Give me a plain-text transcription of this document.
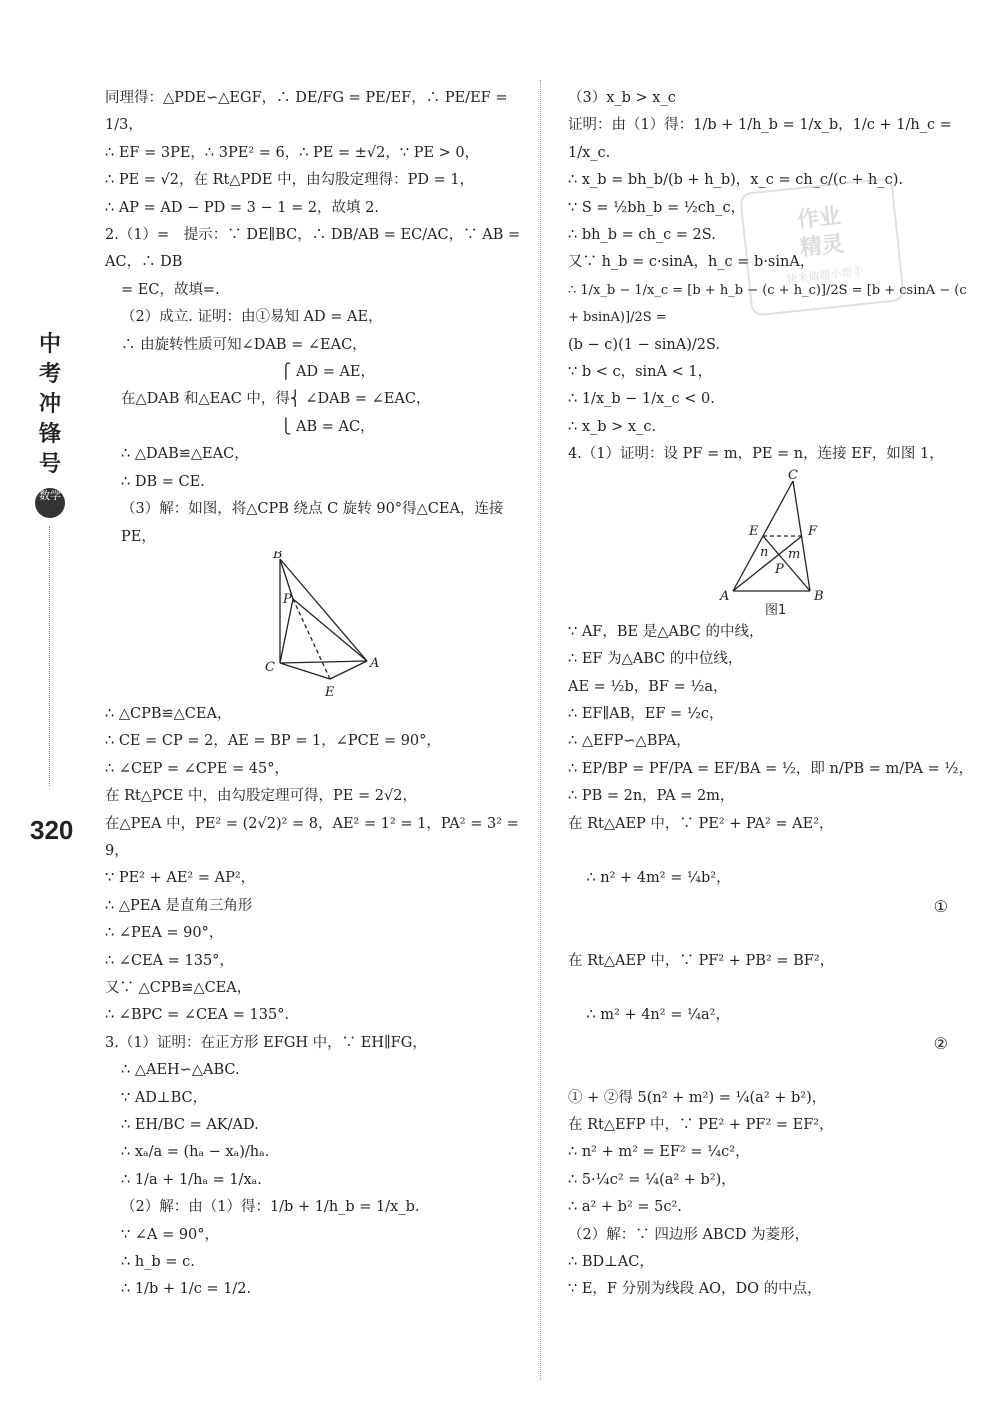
中
考
冲
锋
号
数学
320
同理得：△PDE∽△EGF，∴ DE/FG = PE/EF，∴ PE/EF = 1/3，
∴ EF = 3PE，∴ 3PE² = 6，∴ PE = ±√2，∵ PE > 0，
∴ PE = √2，在 Rt△PDE 中，由勾股定理得：PD = 1，
∴ AP = AD − PD = 3 − 1 = 2，故填 2.
2.（1）=　提示：∵ DE∥BC，∴ DB/AB = EC/AC，∵ AB = AC，∴ DB
= EC，故填=.
（2）成立. 证明：由①易知 AD = AE，
∴ 由旋转性质可知∠DAB = ∠EAC，
　　　　　　　　　　　⎧ AD = AE，
在△DAB 和△EAC 中，得⎨ ∠DAB = ∠EAC，
　　　　　　　　　　　⎩ AB = AC，
∴ △DAB≌△EAC，
∴ DB = CE.
（3）解：如图，将△CPB 绕点 C 旋转 90°得△CEA，连接
PE，
B
P
C	A
E
∴ △CPB≌△CEA，
∴ CE = CP = 2，AE = BP = 1，∠PCE = 90°，
∴ ∠CEP = ∠CPE = 45°，
在 Rt△PCE 中，由勾股定理可得，PE = 2√2，
在△PEA 中，PE² = (2√2)² = 8，AE² = 1² = 1，PA² = 3² = 9，
∵ PE² + AE² = AP²，
∴ △PEA 是直角三角形
∴ ∠PEA = 90°，
∴ ∠CEA = 135°，
又∵ △CPB≌△CEA，
∴ ∠BPC = ∠CEA = 135°.
3.（1）证明：在正方形 EFGH 中，∵ EH∥FG，
∴ △AEH∽△ABC.
∵ AD⊥BC，
∴ EH/BC = AK/AD.
∴ xₐ/a = (hₐ − xₐ)/hₐ.
∴ 1/a + 1/hₐ = 1/xₐ.
（2）解：由（1）得：1/b + 1/h_b = 1/x_b.
∵ ∠A = 90°，
∴ h_b = c.
∴ 1/b + 1/c = 1/2.
（3）x_b > x_c
证明：由（1）得：1/b + 1/h_b = 1/x_b，1/c + 1/h_c = 1/x_c.
∴ x_b = bh_b/(b + h_b)，x_c = ch_c/(c + h_c).
∵ S = ½bh_b = ½ch_c，
∴ bh_b = ch_c = 2S.
又∵ h_b = c·sinA，h_c = b·sinA，
∴ 1/x_b − 1/x_c = [b + h_b − (c + h_c)]/2S = [b + csinA − (c + bsinA)]/2S =
(b − c)(1 − sinA)/2S.
∵ b < c，sinA < 1，
∴ 1/x_b − 1/x_c < 0.
∴ x_b > x_c.
4.（1）证明：设 PF = m，PE = n，连接 EF，如图 1，
C
E	F
n m
P
A	B
图1
∵ AF，BE 是△ABC 的中线，
∴ EF 为△ABC 的中位线，
AE = ½b，BF = ½a，
∴ EF∥AB，EF = ½c，
∴ △EFP∽△BPA，
∴ EP/BP = PF/PA = EF/BA = ½，即 n/PB = m/PA = ½，
∴ PB = 2n，PA = 2m，
在 Rt△AEP 中，∵ PE² + PA² = AE²，

∴ n² + 4m² = ¼b²，

①

在 Rt△AEP 中，∵ PF² + PB² = BF²，

∴ m² + 4n² = ¼a²，

②

① + ②得 5(n² + m²) = ¼(a² + b²)，
在 Rt△EFP 中，∵ PE² + PF² = EF²，
∴ n² + m² = EF² = ¼c²，
∴ 5·¼c² = ¼(a² + b²)，
∴ a² + b² = 5c².
（2）解：∵ 四边形 ABCD 为菱形，
∴ BD⊥AC，
∵ E，F 分别为线段 AO，DO 的中点，
作业
精灵
快来做题小帮手
